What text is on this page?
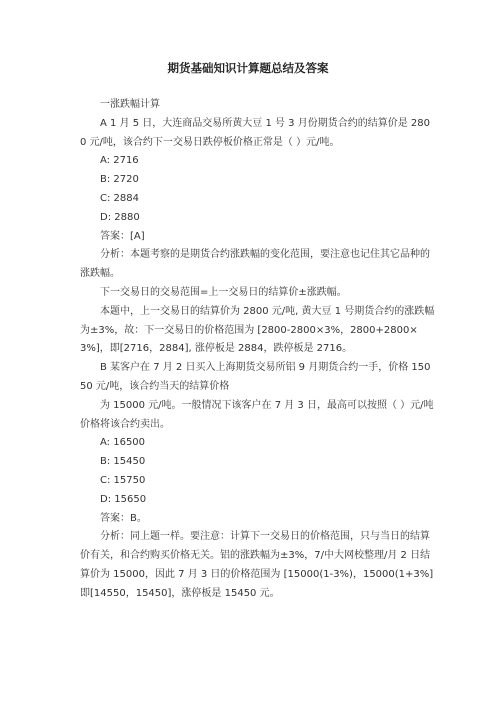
期货基础知识计算题总结及答案

一涨跌幅计算

A 1 月 5 日，大连商品交易所黄大豆 1 号 3 月份期货合约的结算价是 2800 元/吨，该合约下一交易日跌停板价格正常是（ ）元/吨。

A: 2716

B: 2720

C: 2884

D: 2880

答案：[A]

分析：本题考察的是期货合约涨跌幅的变化范围，要注意也记住其它品种的涨跌幅。

下一交易日的交易范围=上一交易日的结算价±涨跌幅。

本题中，上一交易日的结算价为 2800 元/吨, 黄大豆 1 号期货合约的涨跌幅为±3%，故：下一交易日的价格范围为 [2800-2800×3%，2800+2800×3%]，即[2716，2884], 涨停板是 2884，跌停板是 2716。

B 某客户在 7 月 2 日买入上海期货交易所铝 9 月期货合约一手，价格 15050 元/吨，该合约当天的结算价格

为 15000 元/吨。一般情况下该客户在 7 月 3 日，最高可以按照（ ）元/吨价格将该合约卖出。

A: 16500

B: 15450

C: 15750

D: 15650

答案：B。

分析：同上题一样。要注意：计算下一交易日的价格范围，只与当日的结算价有关，和合约购买价格无关。铝的涨跌幅为±3%，7/中大网校整理/月 2 日结算价为 15000，因此 7 月 3 日的价格范围为 [15000(1-3%)，15000(1+3%] 即[14550，15450]，涨停板是 15450 元。
